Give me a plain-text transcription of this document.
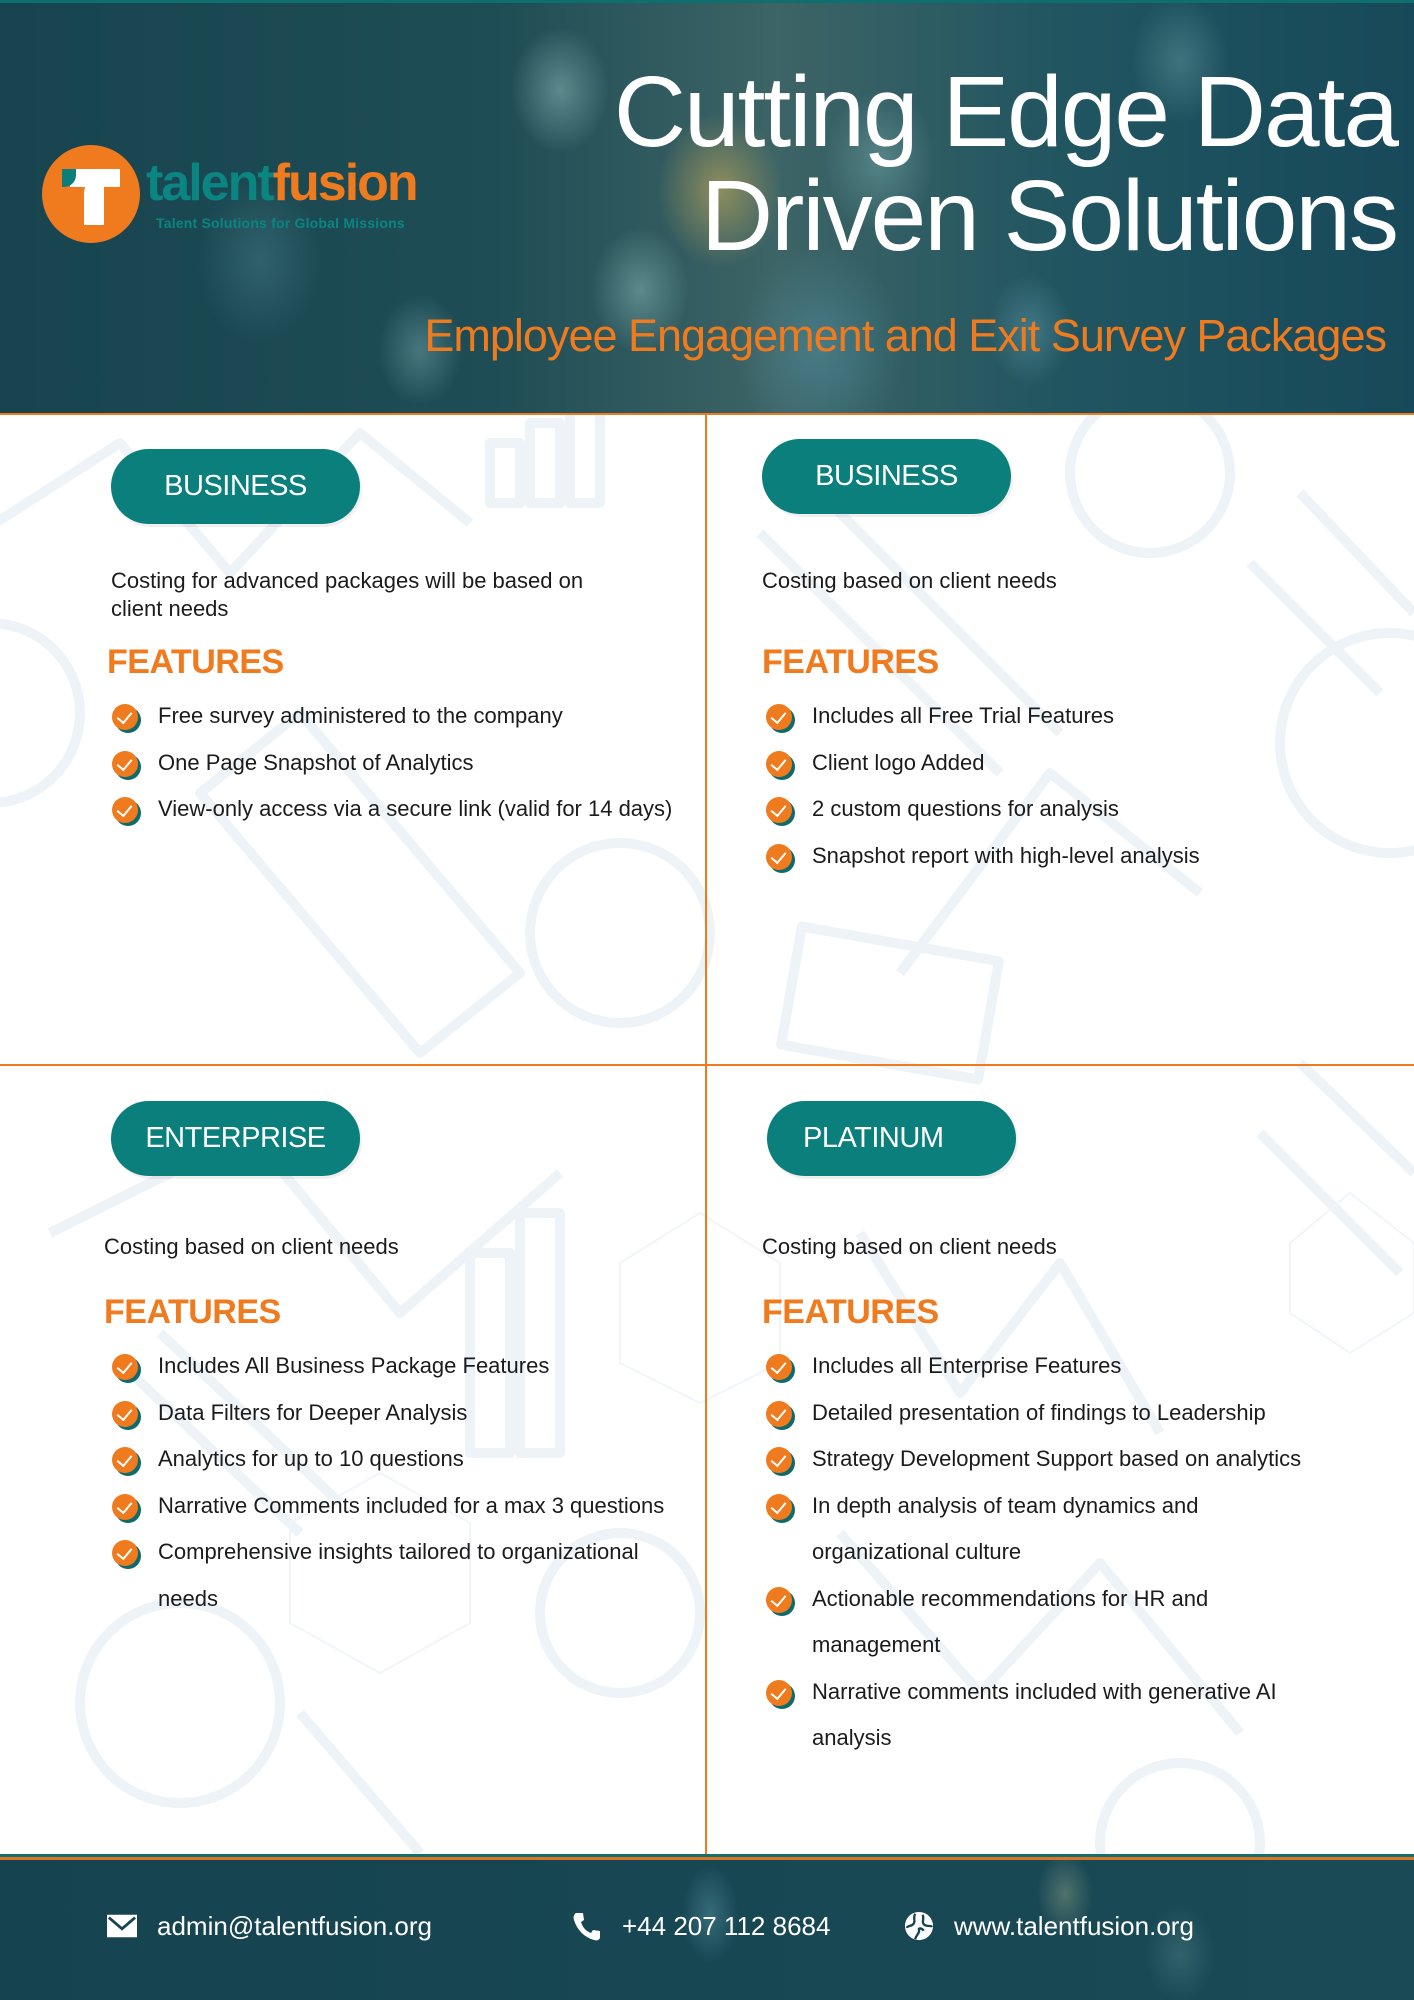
talentfusion
Talent Solutions for Global Missions
Cutting Edge Data
Driven Solutions
Employee Engagement and Exit Survey Packages
BUSINESS
Costing for advanced packages will be based on client needs
FEATURES
Free survey administered to the company
One Page Snapshot of Analytics
View-only access via a secure link (valid for 14 days)
BUSINESS
Costing based on client needs
FEATURES
Includes all Free Trial Features
Client logo Added
2 custom questions for analysis
Snapshot report with high-level analysis
ENTERPRISE
Costing based on client needs
FEATURES
Includes All Business Package Features
Data Filters for Deeper Analysis
Analytics for up to 10 questions
Narrative Comments included for a max 3 questions
Comprehensive insights tailored to organizational needs
PLATINUM
Costing based on client needs
FEATURES
Includes all Enterprise Features
Detailed presentation of findings to Leadership
Strategy Development Support based on analytics
In depth analysis of team dynamics and organizational culture
Actionable recommendations for HR and management
Narrative comments included with generative AI analysis
admin@talentfusion.org	+44 207 112 8684	www.talentfusion.org
